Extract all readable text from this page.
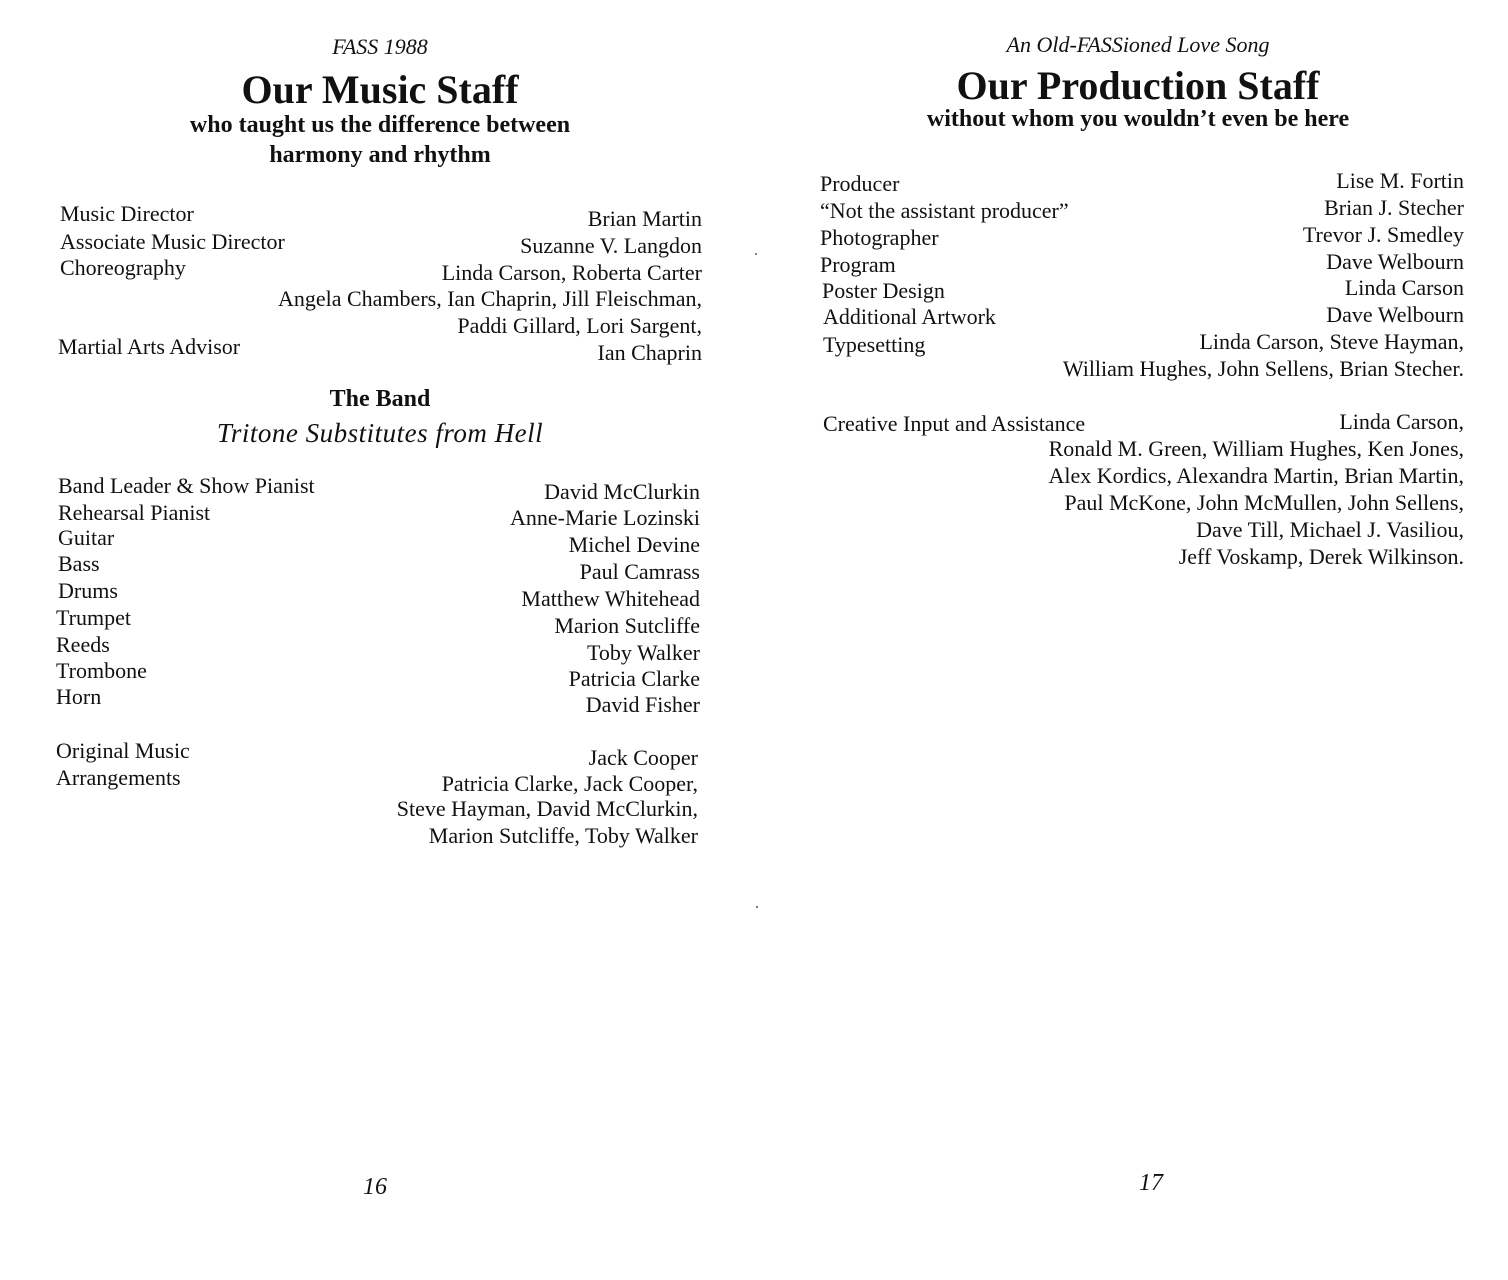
FASS 1988
Our Music Staff
who taught us the difference between
harmony and rhythm
Music Director	Brian Martin
Associate Music Director	Suzanne V. Langdon
Choreography	Linda Carson, Roberta Carter
Angela Chambers, Ian Chaprin, Jill Fleischman,
Paddi Gillard, Lori Sargent,
Martial Arts Advisor	Ian Chaprin
The Band
Tritone Substitutes from Hell
Band Leader & Show Pianist	David McClurkin
Rehearsal Pianist	Anne-Marie Lozinski
Guitar	Michel Devine
Bass	Paul Camrass
Drums	Matthew Whitehead
Trumpet	Marion Sutcliffe
Reeds	Toby Walker
Trombone	Patricia Clarke
Horn	David Fisher
Original Music	Jack Cooper
Arrangements	Patricia Clarke, Jack Cooper,
Steve Hayman, David McClurkin,
Marion Sutcliffe, Toby Walker
16
An Old-FASSioned Love Song
Our Production Staff
without whom you wouldn’t even be here
Producer	Lise M. Fortin
“Not the assistant producer”	Brian J. Stecher
Photographer	Trevor J. Smedley
Program	Dave Welbourn
Poster Design	Linda Carson
Additional Artwork	Dave Welbourn
Typesetting	Linda Carson, Steve Hayman,
William Hughes, John Sellens, Brian Stecher.
Creative Input and Assistance	Linda Carson,
Ronald M. Green, William Hughes, Ken Jones,
Alex Kordics, Alexandra Martin, Brian Martin,
Paul McKone, John McMullen, John Sellens,
Dave Till, Michael J. Vasiliou,
Jeff Voskamp, Derek Wilkinson.
17
